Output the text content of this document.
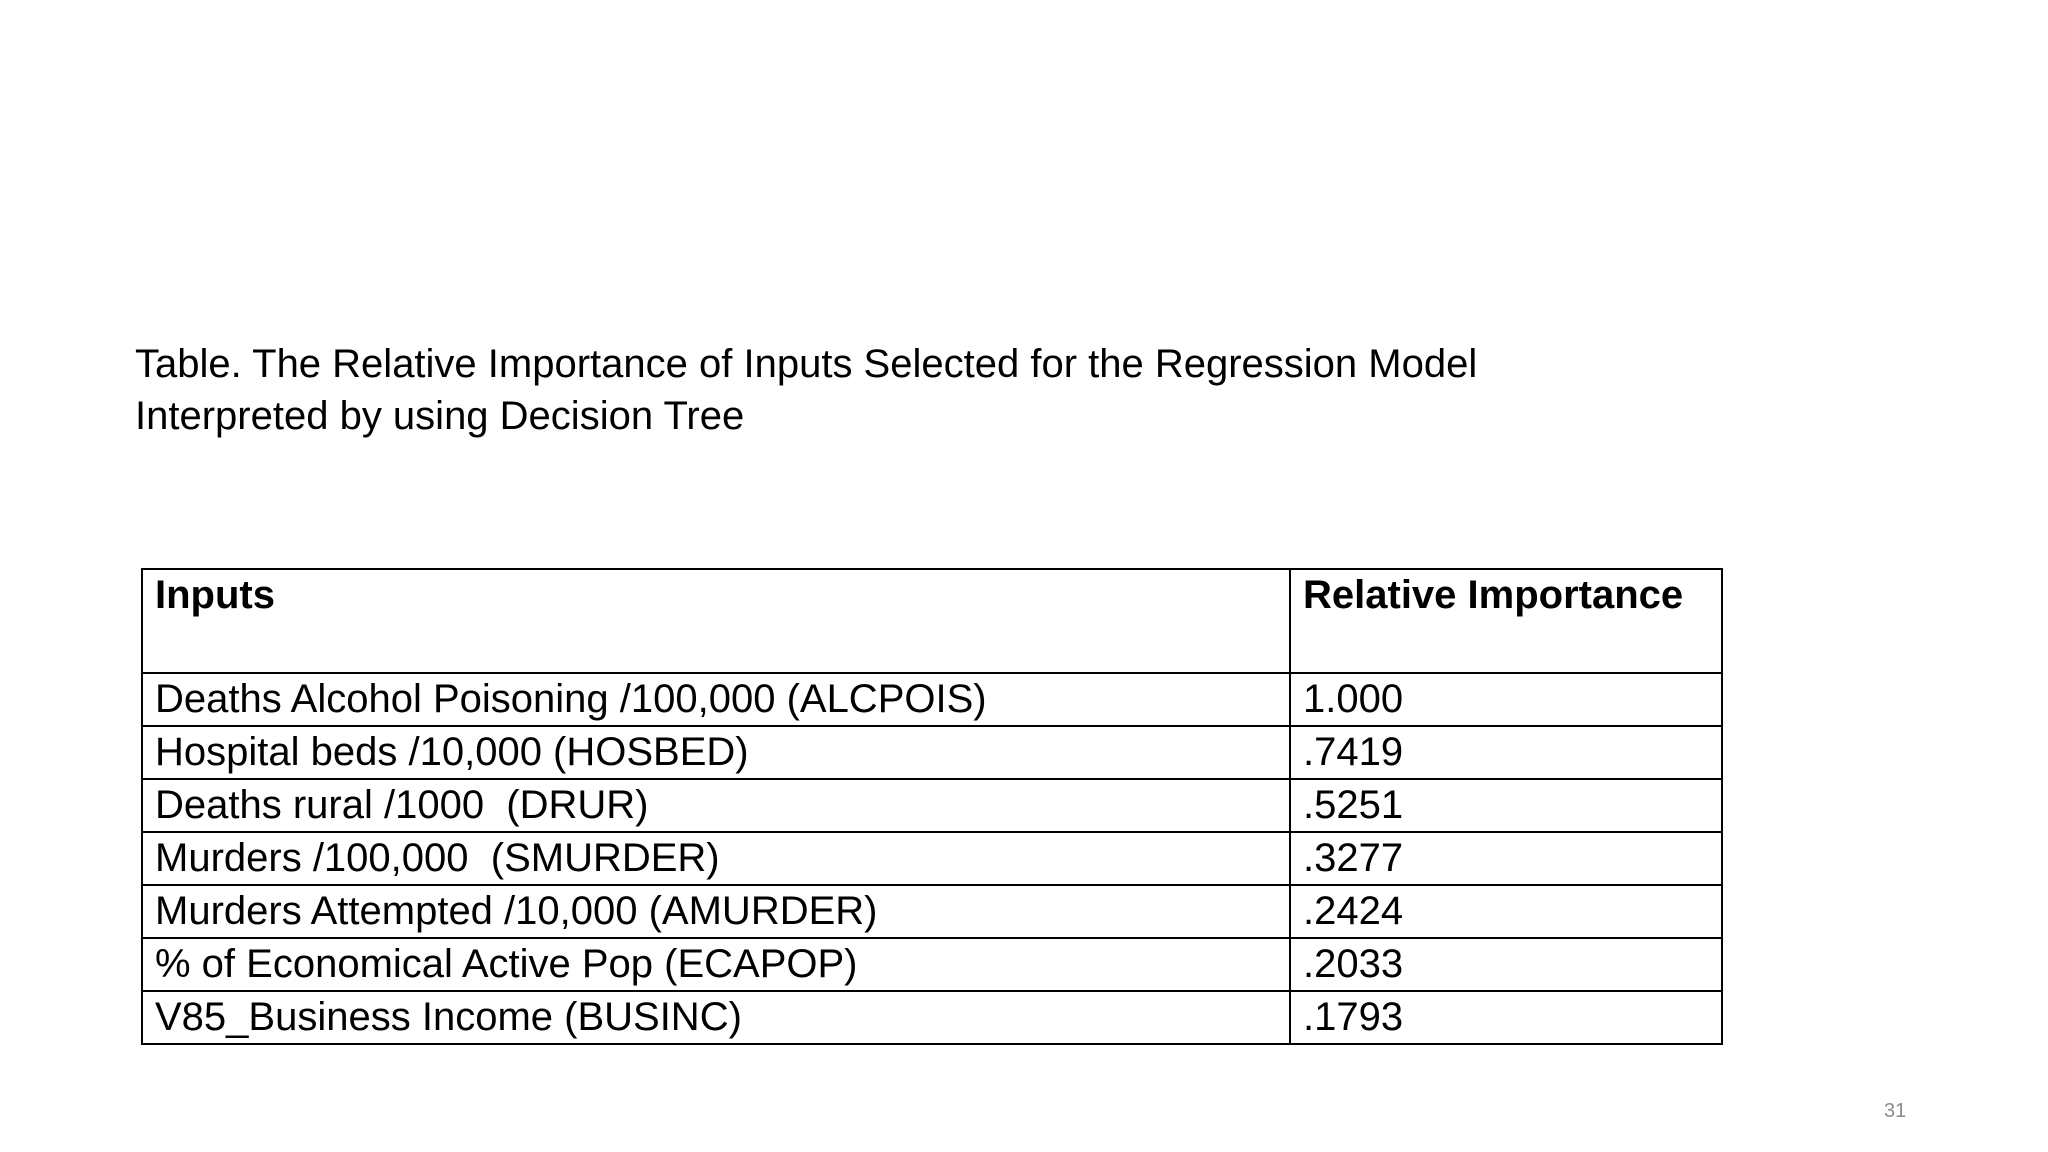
Table. The Relative Importance of Inputs Selected for the Regression Model
Interpreted by using Decision Tree
Inputs	Relative Importance
Deaths Alcohol Poisoning /100,000 (ALCPOIS)	1.000
Hospital beds /10,000 (HOSBED)	.7419
Deaths rural /1000  (DRUR)	.5251
Murders /100,000  (SMURDER)	.3277
Murders Attempted /10,000 (AMURDER)	.2424
% of Economical Active Pop (ECAPOP)	.2033
V85_Business Income (BUSINC)	.1793
31
